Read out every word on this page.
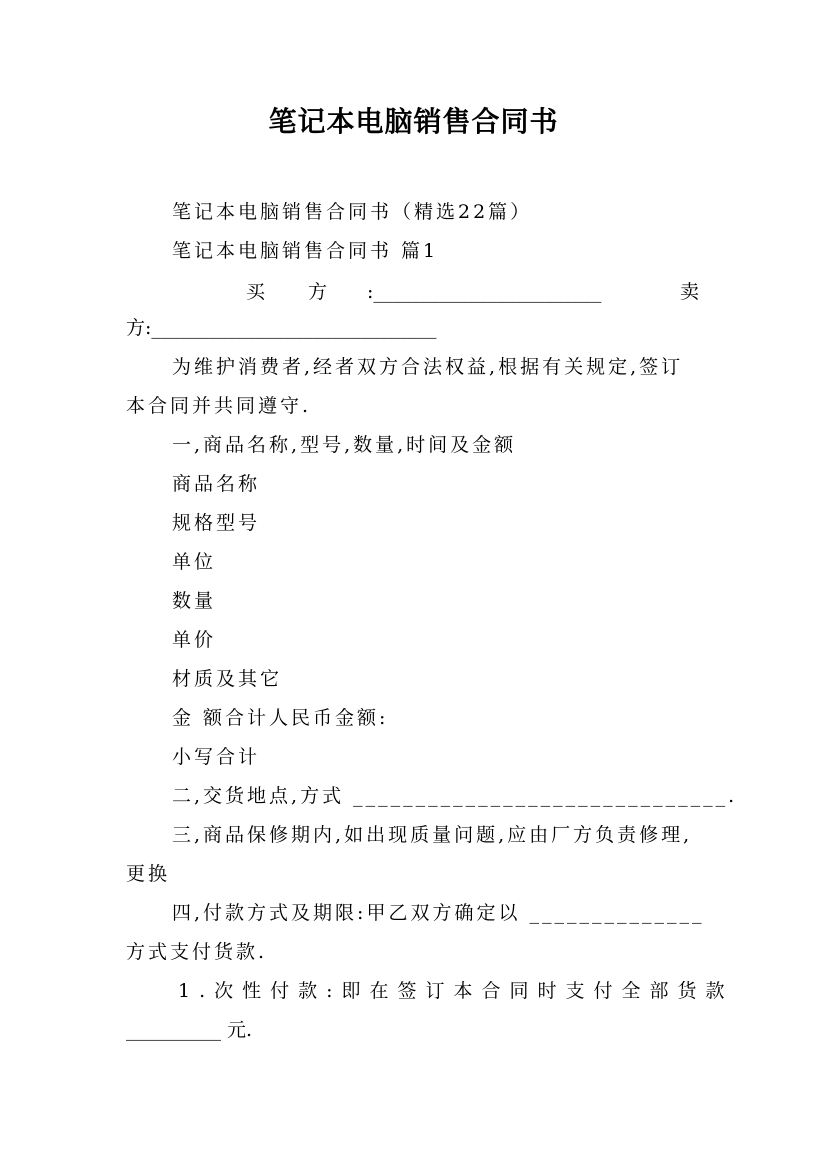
笔记本电脑销售合同书
笔记本电脑销售合同书（精选22篇）
笔记本电脑销售合同书 篇1
买 方 :________________________	卖
方:______________________________
为维护消费者,经者双方合法权益,根据有关规定,签订
本合同并共同遵守.
一,商品名称,型号,数量,时间及金额
商品名称
规格型号
单位
数量
单价
材质及其它
金 额合计人民币金额:
小写合计
二,交货地点,方式 ______________________________.
三,商品保修期内,如出现质量问题,应由厂方负责修理,
更换
四,付款方式及期限:甲乙双方确定以 ______________
方式支付货款.
1.次性付款:即在签订本合同时支付全部货款
__________ 元.
